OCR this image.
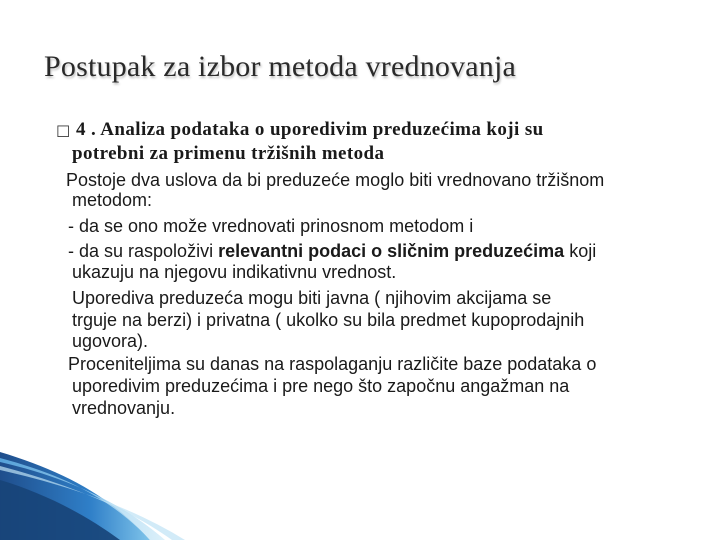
Postupak za izbor metoda vrednovanja
☐ 4 . Analiza podataka o uporedivim preduzećima koji su
potrebni za primenu tržišnih metoda
Postoje dva uslova da bi preduzeće moglo biti vrednovano tržišnom
metodom:
- da se ono može vrednovati prinosnom metodom i
- da su raspoloživi relevantni podaci o sličnim preduzećima koji
ukazuju na njegovu indikativnu vrednost.
Uporediva preduzeća mogu biti javna ( njihovim akcijama se
trguje na berzi) i privatna ( ukolko su bila predmet kupoprodajnih
ugovora).
Proceniteljima su danas na raspolaganju različite baze podataka o
uporedivim preduzećima i pre nego što započnu angažman na
vrednovanju.
